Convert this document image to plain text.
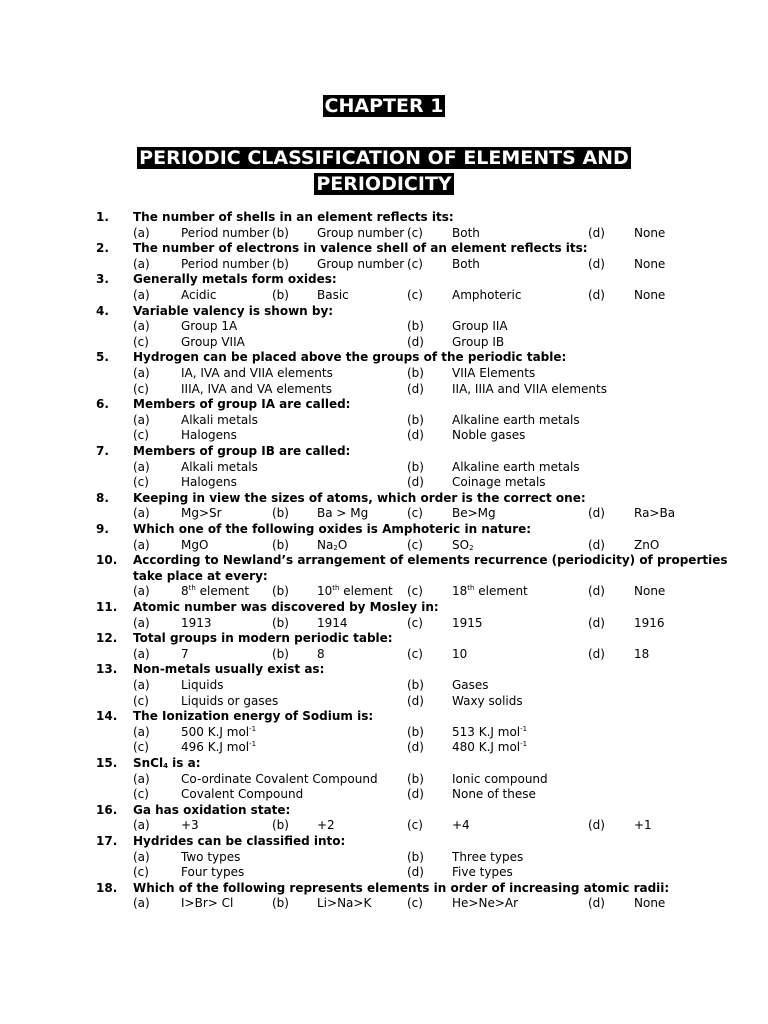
CHAPTER 1
PERIODIC CLASSIFICATION OF ELEMENTS AND
PERIODICITY
1. The number of shells in an element reflects its:
(a)	Period number (b) Group number (c) Both	(d) None
2. The number of electrons in valence shell of an element reflects its:
(a)	Period number (b) Group number (c) Both	(d) None
3. Generally metals form oxides:
(a)	Acidic	(b) Basic	(c) Amphoteric	(d) None
4. Variable valency is shown by:
(a)	Group 1A	(b) Group IIA
(c)	Group VIIA	(d) Group IB
5. Hydrogen can be placed above the groups of the periodic table:
(a)	IA, IVA and VIIA elements	(b) VIIA Elements
(c)	IIIA, IVA and VA elements	(d) IIA, IIIA and VIIA elements
6. Members of group IA are called:
(a)	Alkali metals	(b) Alkaline earth metals
(c)	Halogens	(d) Noble gases
7. Members of group IB are called:
(a)	Alkali metals	(b) Alkaline earth metals
(c)	Halogens	(d) Coinage metals
8. Keeping in view the sizes of atoms, which order is the correct one:
(a)	Mg>Sr	(b) Ba > Mg	(c) Be>Mg	(d) Ra>Ba
9. Which one of the following oxides is Amphoteric in nature:
(a)	MgO	(b) $Na_2O$	(c) $SO_2$	(d) ZnO
10. According to Newland’s arrangement of elements recurrence (periodicity) of properties
take place at every:
(a)	8th element (b) 10th element (c) 18th element	(d) None
11. Atomic number was discovered by Mosley in:
(a)	1913	(b) 1914	(c) 1915	(d) 1916
12. Total groups in modern periodic table:
(a)	7	(b) 8	(c) 10	(d) 18
13. Non-metals usually exist as:
(a)	Liquids	(b) Gases
(c)	Liquids or gases	(d) Waxy solids
14. The Ionization energy of Sodium is:
(a)	500 K.J mol$^{-1}$	(b) 513 K.J mol$^{-1}$
(c)	496 K.J mol$^{-1}$	(d) 480 K.J mol$^{-1}$
15. SnCl$_4$ is a:
(a)	Co-ordinate Covalent Compound (b) Ionic compound
(c)	Covalent Compound	(d) None of these
16. Ga has oxidation state:
(a)	+3	(b) +2	(c) +4	(d) +1
17. Hydrides can be classified into:
(a)	Two types	(b) Three types
(c)	Four types	(d) Five types
18. Which of the following represents elements in order of increasing atomic radii:
(a)	I>Br> Cl	(b) Li>Na>K	(c) He>Ne>Ar	(d) None
